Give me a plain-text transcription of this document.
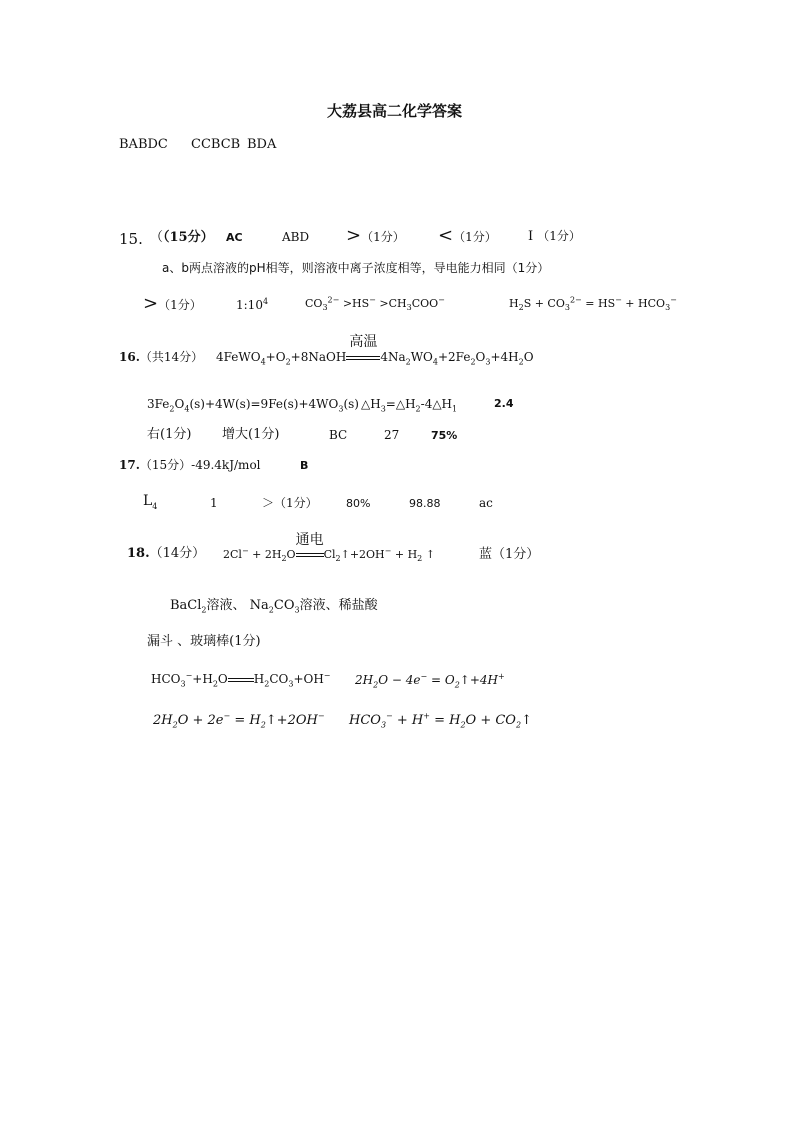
大荔县高二化学答案
BABDC CCBCB BDA
15. （（15分） AC	ABD >（1分） <（1分） Ⅰ （1分）
a、b两点溶液的pH相等，则溶液中离子浓度相等，导电能力相同（1分）
>（1分）	$1:10^4$	$CO_3^{2-} >HS^- >CH_3COO^-$	$H_2S + CO_3^{2-} = HS^- + HCO_3^-$
16.（共14分） $4FeWO_4+O_2+8NaOH$
高温
$4Na_2WO_4+2Fe_2O_3+4H_2O$
$3Fe_2O_4(s)+4W(s)=9Fe(s)+4WO_3(s)$ $\triangle H_3=\triangle H_2-4\triangle H_1$	2.4
右(1分) 增大(1分)	BC	27	75%
17.（15分）-49.4kJ/mol	B
$L_4$	1	＞（1分）	80%	98.88	ac
18.（14分） $2Cl^- + 2H_2O$
通电
$Cl_2↑+2OH^- + H_2$ ↑	蓝（1分）
BaCl$_2$溶液、 $Na_2CO_3$溶液、稀盐酸
漏斗 、玻璃棒(1分)
$HCO_3^-+H_2O$ $H_2CO_3+OH^-$ $2H_2O - 4e^-$ = $O_2↑+4H^+$
$2H_2O + 2e^-$ = $H_2↑+2OH^-$ $HCO_3^- + H^+ = H_2O$ + $CO_2↑$
